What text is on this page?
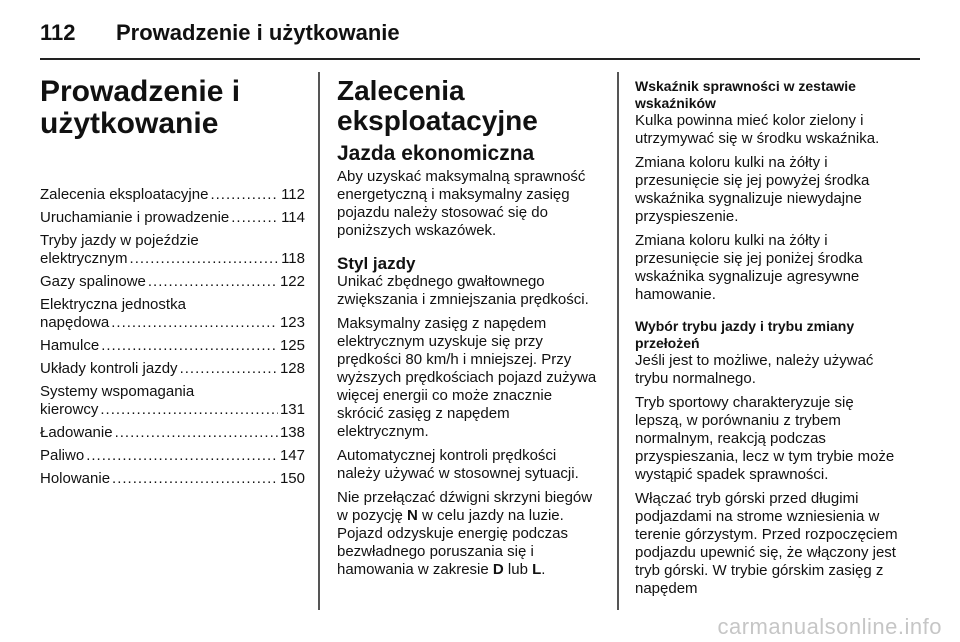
112 Prowadzenie i użytkowanie
Prowadzenie i
użytkowanie
Zalecenia eksploatacyjne .....	112
Uruchamianie i prowadzenie .....	114
Tryby jazdy w pojeździe
elektrycznym .....	118
Gazy spalinowe .....	122
Elektryczna jednostka
napędowa .....	123
Hamulce .....	125
Układy kontroli jazdy .....	128
Systemy wspomagania
kierowcy .....	131
Ładowanie .....	138
Paliwo .....	147
Holowanie .....	150
Zalecenia
eksploatacyjne
Jazda ekonomiczna

Aby uzyskać maksymalną sprawność energetyczną i maksymalny zasięg pojazdu należy stosować się do poniższych wskazówek.

Styl jazdy

Unikać zbędnego gwałtownego zwiększania i zmniejszania prędkości.

Maksymalny zasięg z napędem elektrycznym uzyskuje się przy prędkości 80 km/h i mniejszej. Przy wyższych prędkościach pojazd zużywa więcej energii co może znacznie skrócić zasięg z napędem elektrycznym.

Automatycznej kontroli prędkości należy używać w stosownej sytuacji.

Nie przełączać dźwigni skrzyni biegów w pozycję N w celu jazdy na luzie. Pojazd odzyskuje energię podczas bezwładnego poruszania się i hamowania w zakresie D lub L.

Wskaźnik sprawności w zestawie wskaźników

Kulka powinna mieć kolor zielony i utrzymywać się w środku wskaźnika.

Zmiana koloru kulki na żółty i przesunięcie się jej powyżej środka wskaźnika sygnalizuje niewydajne przyspieszenie.

Zmiana koloru kulki na żółty i przesunięcie się jej poniżej środka wskaźnika sygnalizuje agresywne hamowanie.

Wybór trybu jazdy i trybu zmiany przełożeń

Jeśli jest to możliwe, należy używać trybu normalnego.

Tryb sportowy charakteryzuje się lepszą, w porównaniu z trybem normalnym, reakcją podczas przyspieszania, lecz w tym trybie może wystąpić spadek sprawności.

Włączać tryb górski przed długimi podjazdami na strome wzniesienia w terenie górzystym. Przed rozpoczęciem podjazdu upewnić się, że włączony jest tryb górski. W trybie górskim zasięg z napędem

carmanualsonline.info
